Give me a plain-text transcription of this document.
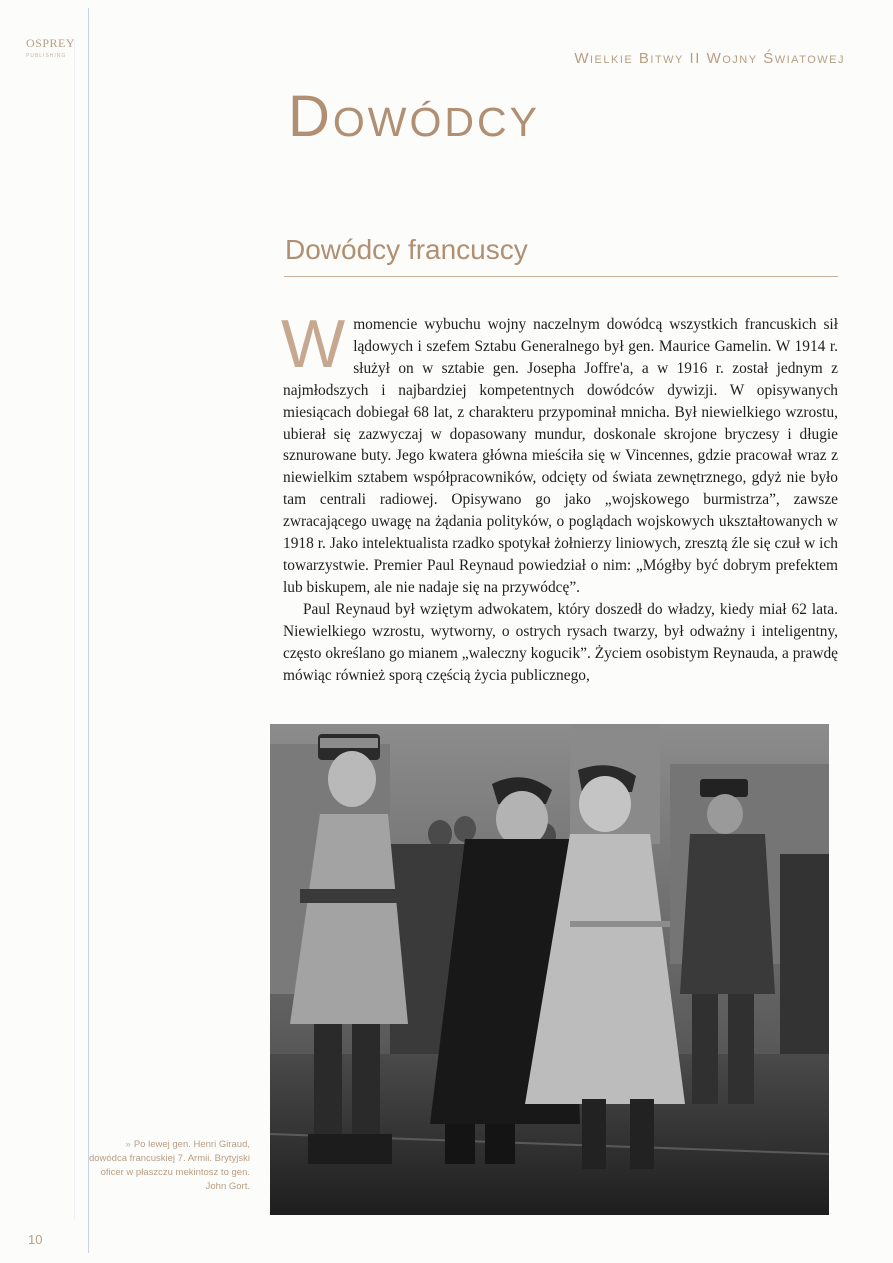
OSPREY
PUBLISHING	Wielkie Bitwy II Wojny Światowej
Dowódcy
Dowódcy francuscy

Wmomencie wybuchu wojny naczelnym dowódcą wszystkich francuskich sił lądowych i szefem Sztabu Generalnego był gen. Maurice Gamelin. W 1914 r. służył on w sztabie gen. Josepha Joffre'a, a w 1916 r. został jednym z najmłodszych i najbardziej kompetentnych dowódców dywizji. W opisywanych miesiącach dobiegał 68 lat, z charakteru przypominał mnicha. Był niewielkiego wzrostu, ubierał się zazwyczaj w dopasowany mundur, doskonale skrojone bryczesy i długie sznurowane buty. Jego kwatera główna mieściła się w Vincennes, gdzie pracował wraz z niewielkim sztabem współpracowników, odcięty od świata zewnętrznego, gdyż nie było tam centrali radiowej. Opisywano go jako „wojskowego burmistrza”, zawsze zwracającego uwagę na żądania polityków, o poglądach wojskowych ukształtowanych w 1918 r. Jako intelektualista rzadko spotykał żołnierzy liniowych, zresztą źle się czuł w ich towarzystwie. Premier Paul Reynaud powiedział o nim: „Mógłby być dobrym prefektem lub biskupem, ale nie nadaje się na przywódcę”.

Paul Reynaud był wziętym adwokatem, który doszedł do władzy, kiedy miał 62 lata. Niewielkiego wzrostu, wytworny, o ostrych rysach twarzy, był odważny i inteligentny, często określano go mianem „waleczny kogucik”. Życiem osobistym Reynauda, a prawdę mówiąc również sporą częścią życia publicznego,

» Po lewej gen. Henri Giraud, dowódca francuskiej 7. Armii. Brytyjski oficer w płaszczu mekintosz to gen. John Gort.
10
